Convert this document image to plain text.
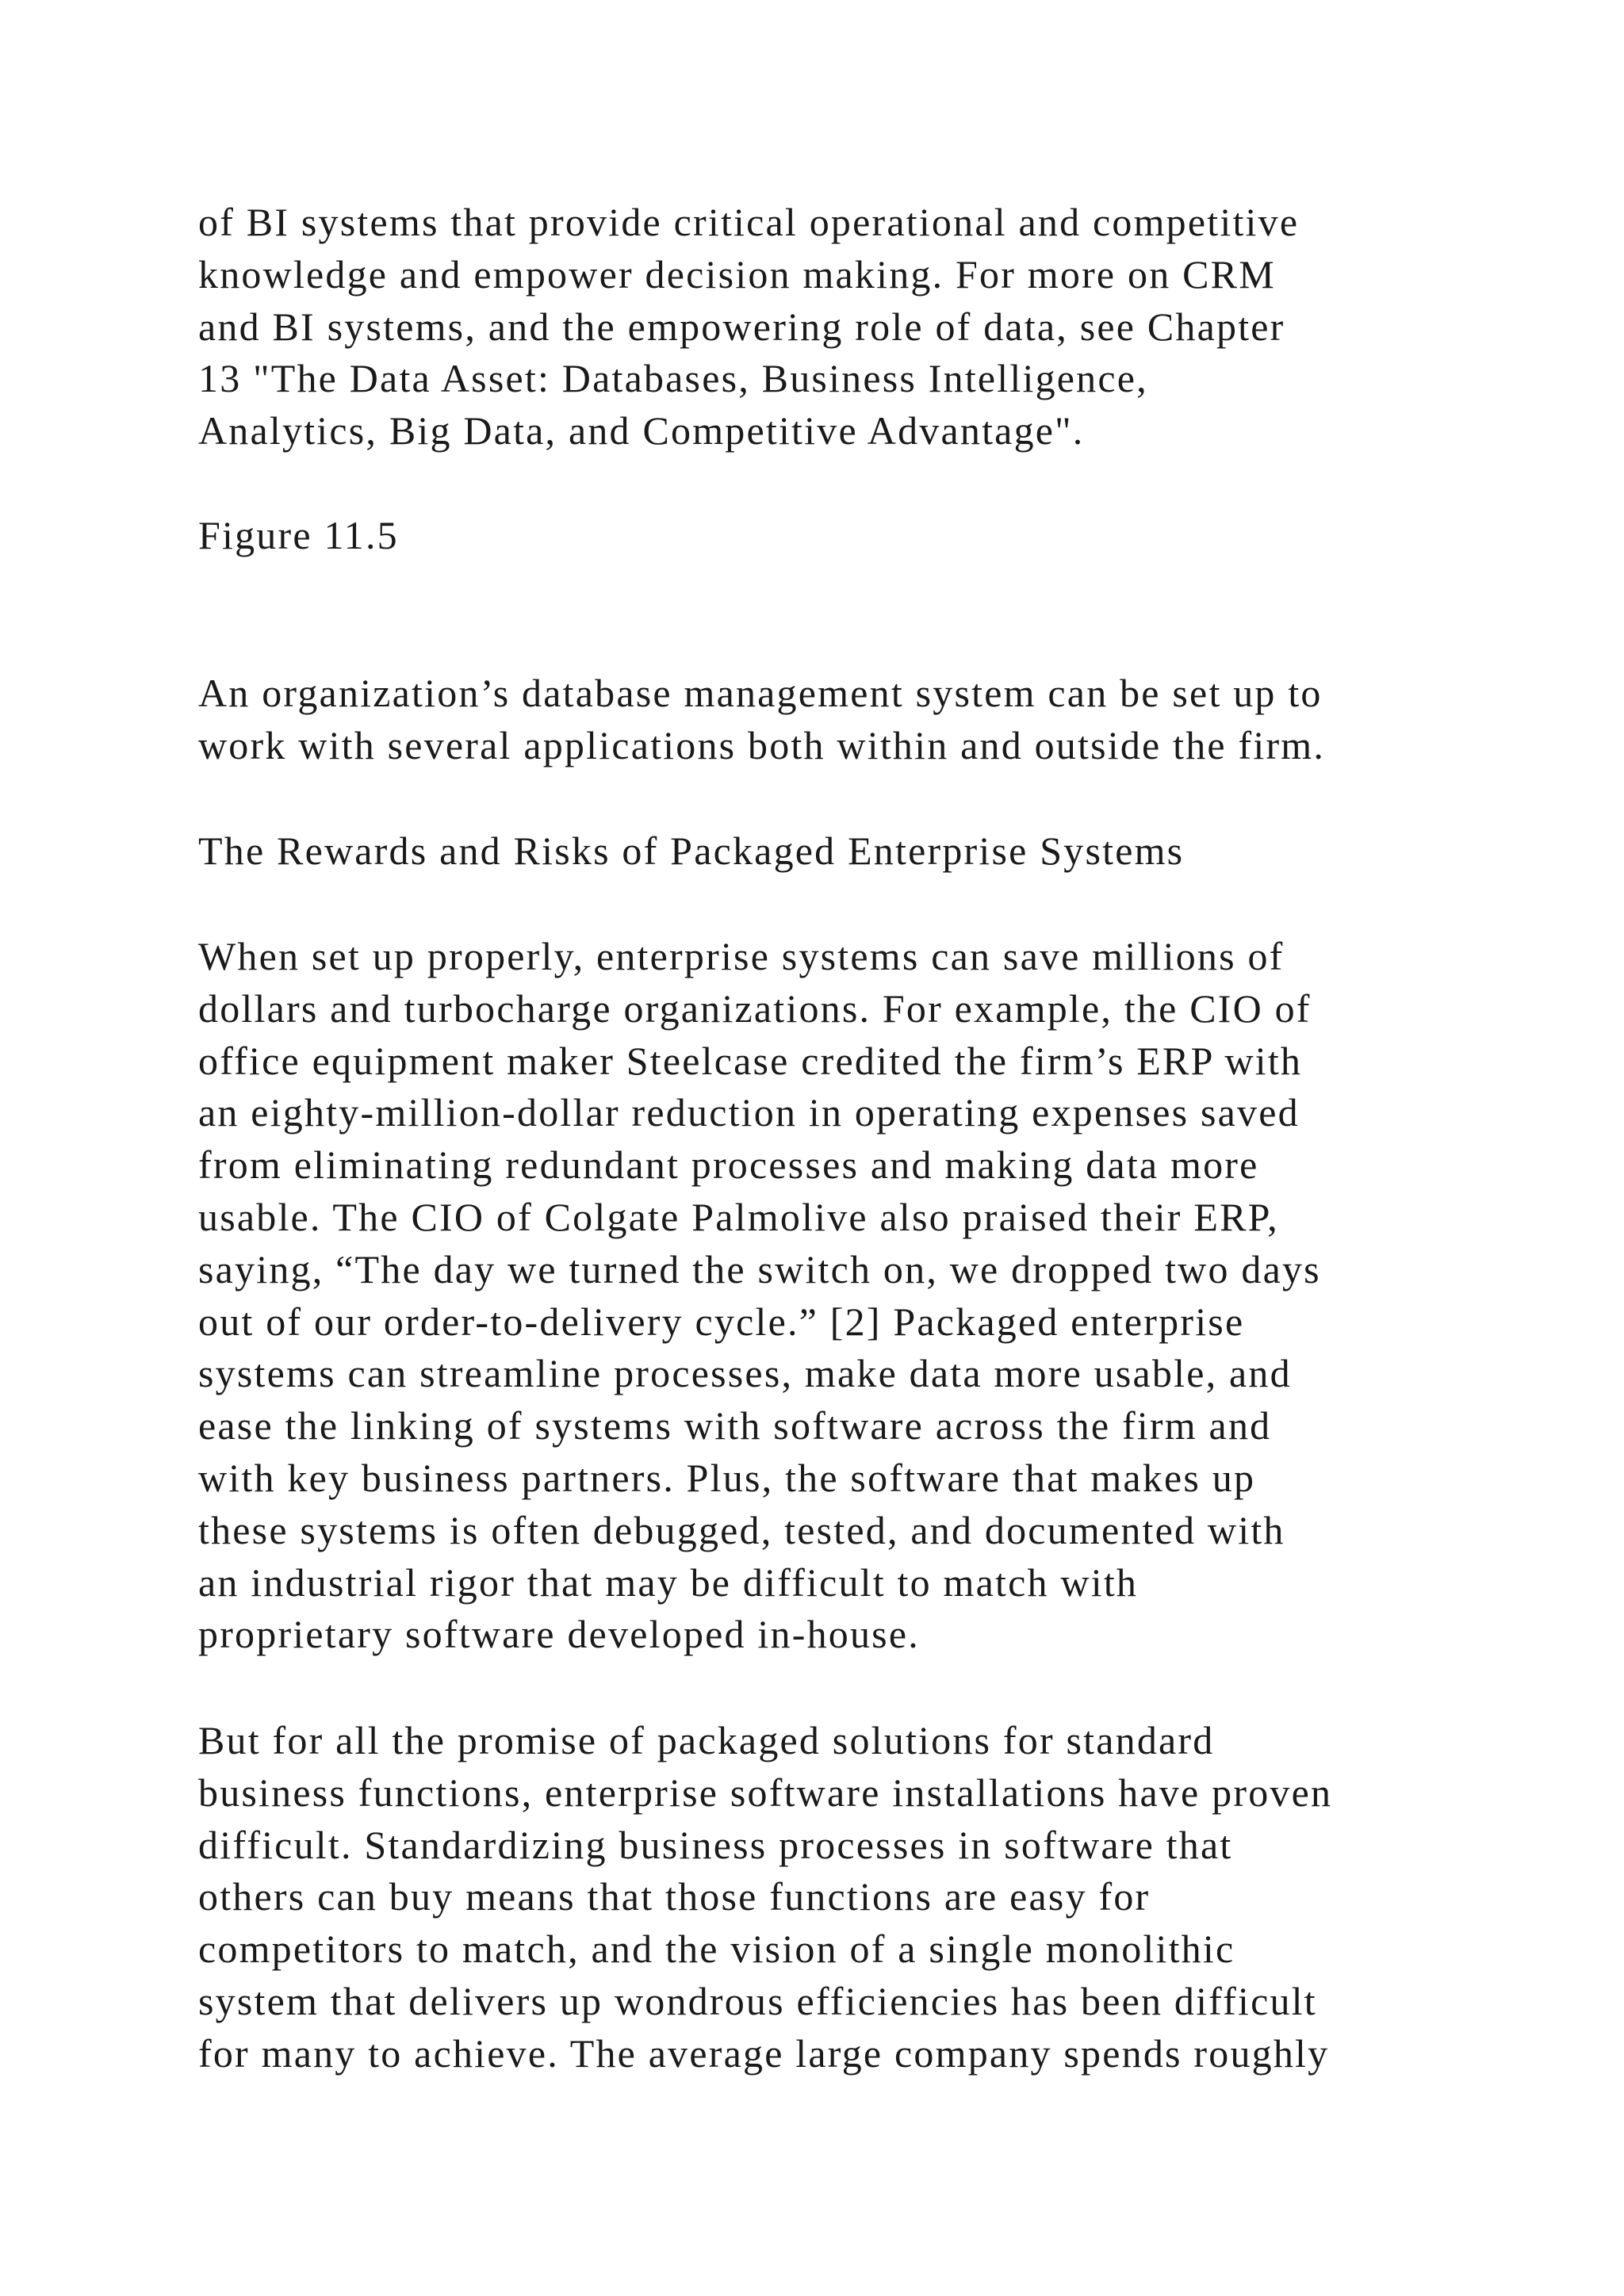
of BI systems that provide critical operational and competitive
knowledge and empower decision making. For more on CRM
and BI systems, and the empowering role of data, see Chapter
13 "The Data Asset: Databases, Business Intelligence,
Analytics, Big Data, and Competitive Advantage".

Figure 11.5

An organization’s database management system can be set up to
work with several applications both within and outside the firm.

The Rewards and Risks of Packaged Enterprise Systems

When set up properly, enterprise systems can save millions of
dollars and turbocharge organizations. For example, the CIO of
office equipment maker Steelcase credited the firm’s ERP with
an eighty-million-dollar reduction in operating expenses saved
from eliminating redundant processes and making data more
usable. The CIO of Colgate Palmolive also praised their ERP,
saying, “The day we turned the switch on, we dropped two days
out of our order-to-delivery cycle.” [2] Packaged enterprise
systems can streamline processes, make data more usable, and
ease the linking of systems with software across the firm and
with key business partners. Plus, the software that makes up
these systems is often debugged, tested, and documented with
an industrial rigor that may be difficult to match with
proprietary software developed in-house.

But for all the promise of packaged solutions for standard
business functions, enterprise software installations have proven
difficult. Standardizing business processes in software that
others can buy means that those functions are easy for
competitors to match, and the vision of a single monolithic
system that delivers up wondrous efficiencies has been difficult
for many to achieve. The average large company spends roughly
